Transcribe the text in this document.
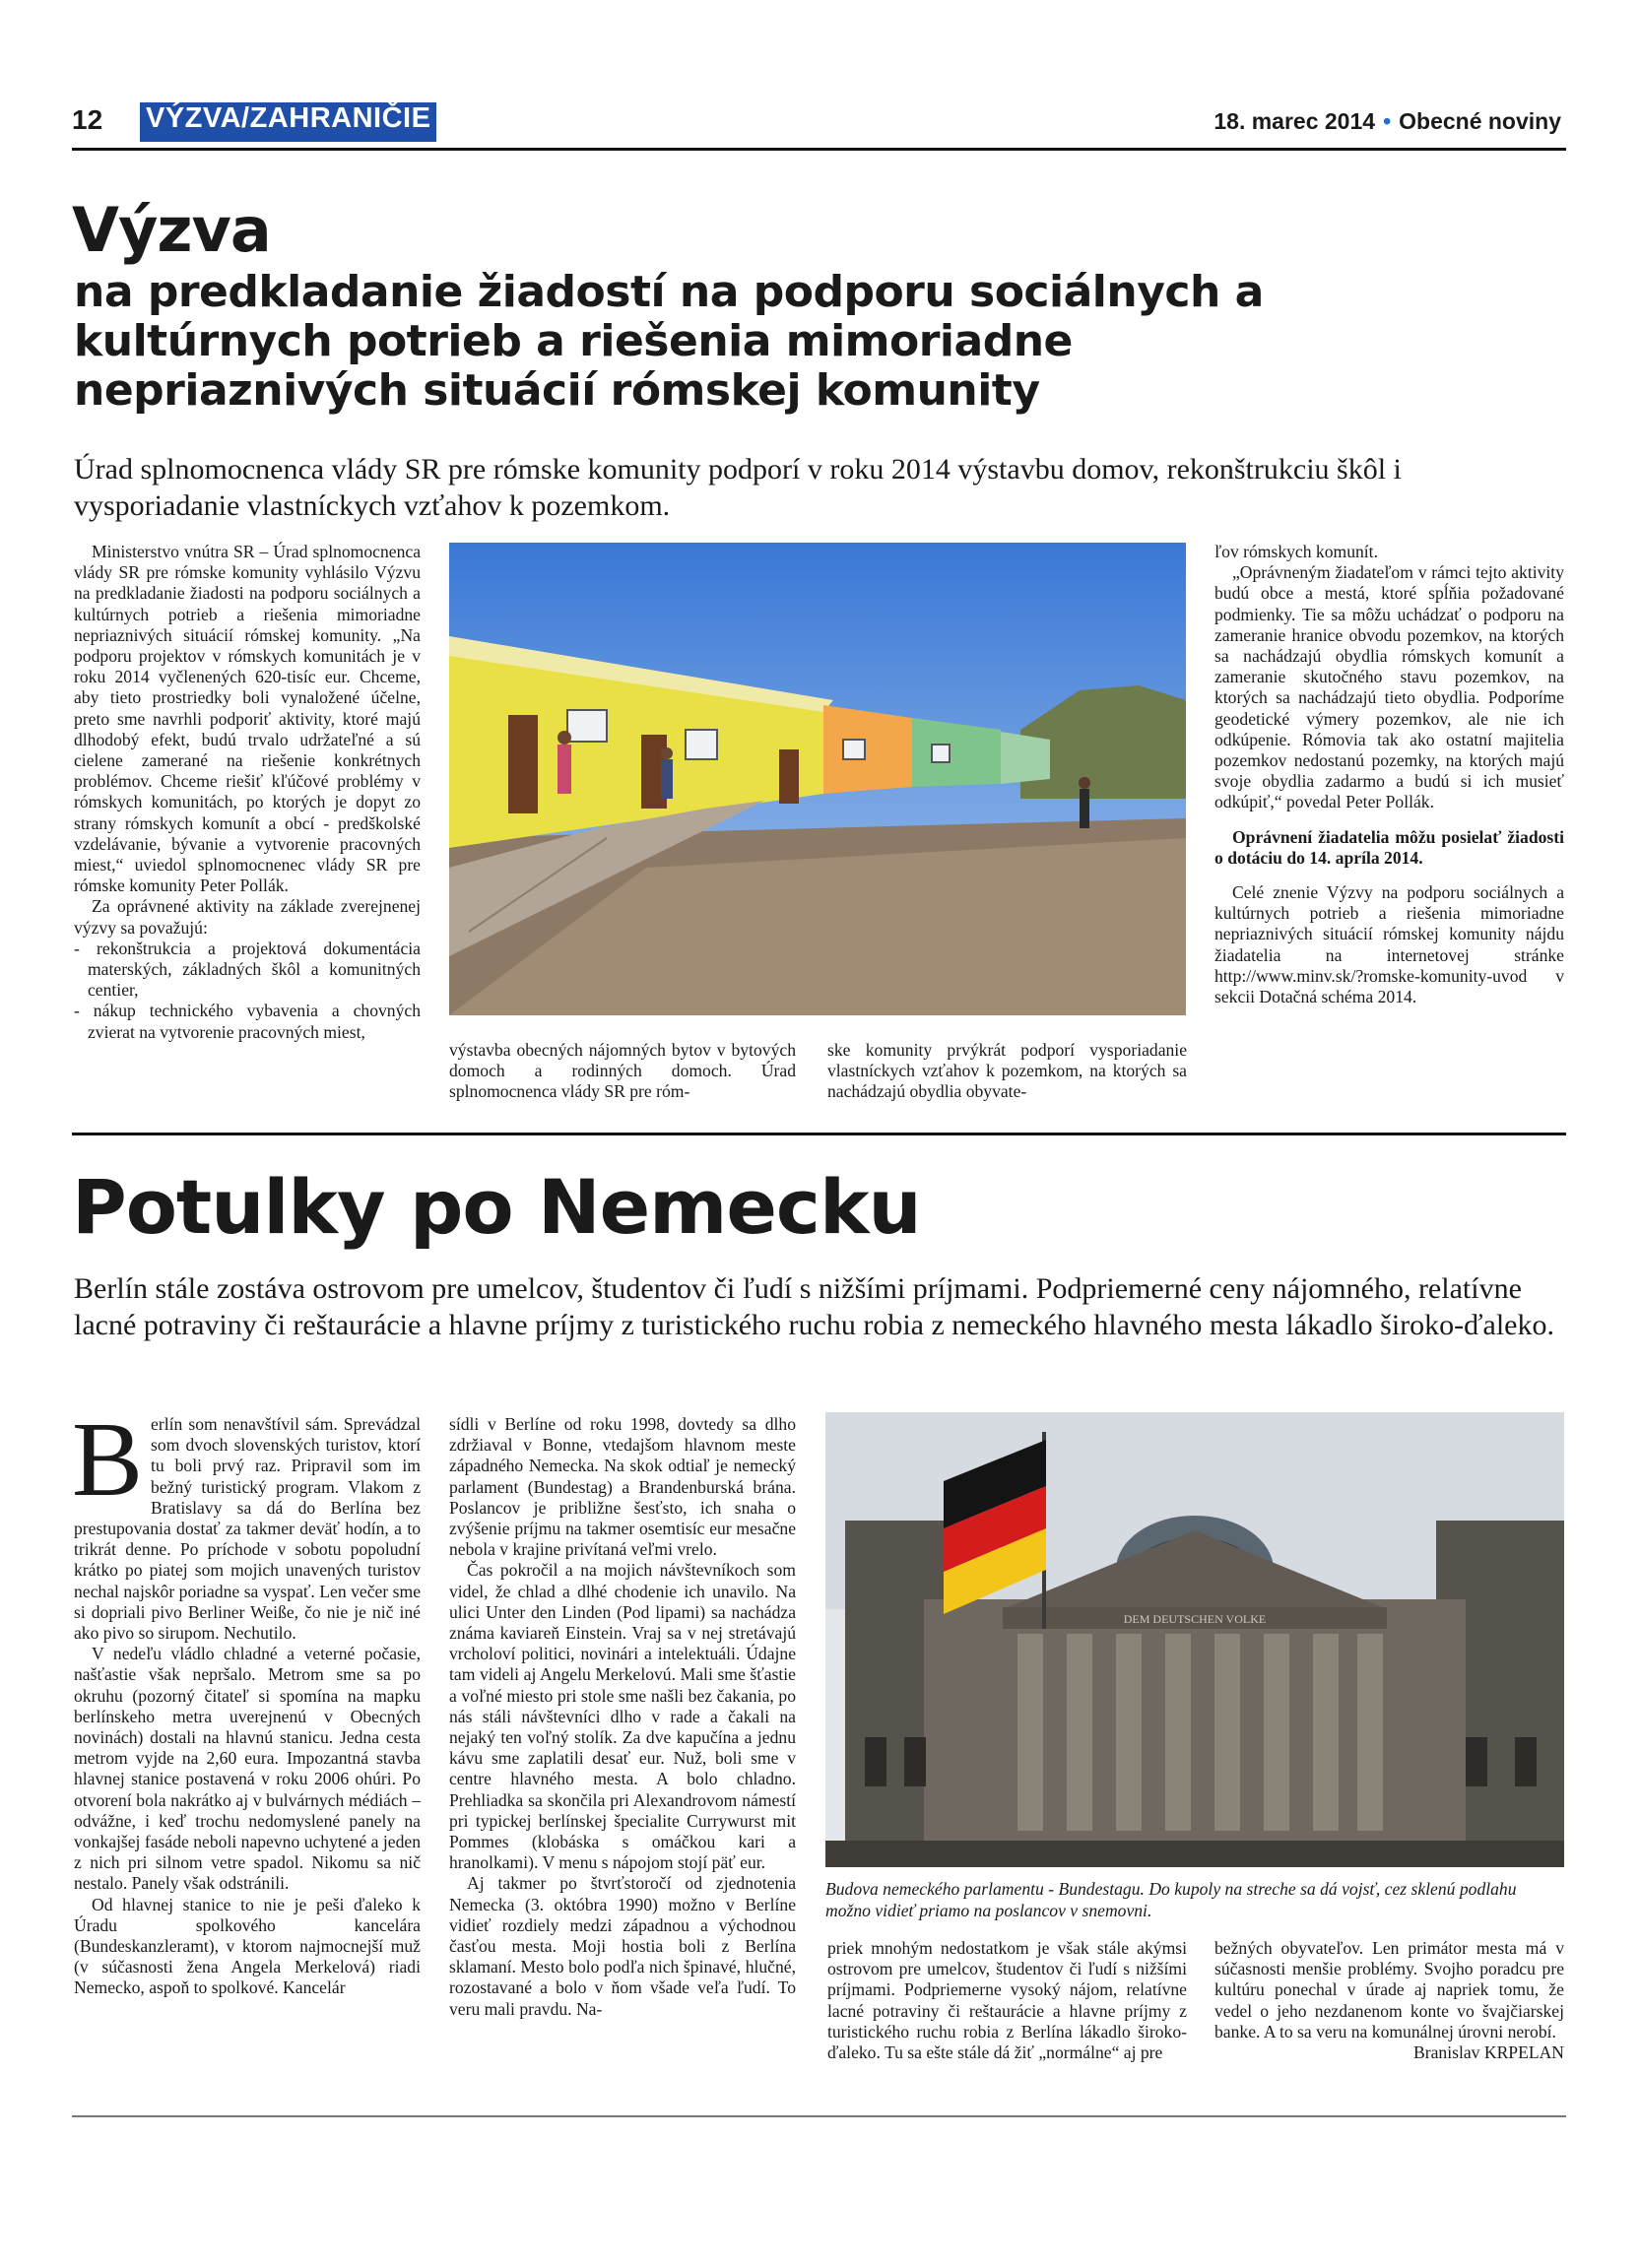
12 VÝZVA/ZAHRANIČIE	18. marec 2014 • Obecné noviny
Výzva
na predkladanie žiadostí na podporu sociálnych a kultúrnych potrieb a riešenia mimoriadne nepriaznivých situácií rómskej komunity
Úrad splnomocnenca vlády SR pre rómske komunity podporí v roku 2014 výstavbu domov, rekonštrukciu škôl i vysporiadanie vlastníckych vzťahov k pozemkom.

Ministerstvo vnútra SR – Úrad splnomocnenca vlády SR pre rómske komunity vyhlásilo Výzvu na predkladanie žiadosti na podporu sociálnych a kultúrnych potrieb a riešenia mimoriadne nepriaznivých situácií rómskej komunity. „Na podporu projektov v rómskych komunitách je v roku 2014 vyčlenených 620-tisíc eur. Chceme, aby tieto prostriedky boli vynaložené účelne, preto sme navrhli podporiť aktivity, ktoré majú dlhodobý efekt, budú trvalo udržateľné a sú cielene zamerané na riešenie konkrétnych problémov. Chceme riešiť kľúčové problémy v rómskych komunitách, po ktorých je dopyt zo strany rómskych komunít a obcí - predškolské vzdelávanie, bývanie a vytvorenie pracovných miest,“ uviedol splnomocnenec vlády SR pre rómske komunity Peter Pollák.

Za oprávnené aktivity na základe zverejnenej výzvy sa považujú:

- rekonštrukcia a projektová dokumentácia materských, základných škôl a komunitných centier,

- nákup technického vybavenia a chovných zvierat na vytvorenie pracovných miest,

výstavba obecných nájomných bytov v bytových domoch a rodinných domoch. Úrad splnomocnenca vlády SR pre róm-

ske komunity prvýkrát podporí vysporiadanie vlastníckych vzťahov k pozemkom, na ktorých sa nachádzajú obydlia obyvate-

ľov rómskych komunít.

„Oprávneným žiadateľom v rámci tejto aktivity budú obce a mestá, ktoré spĺňia požadované podmienky. Tie sa môžu uchádzať o podporu na zameranie hranice obvodu pozemkov, na ktorých sa nachádzajú obydlia rómskych komunít a zameranie skutočného stavu pozemkov, na ktorých sa nachádzajú tieto obydlia. Podporíme geodetické výmery pozemkov, ale nie ich odkúpenie. Rómovia tak ako ostatní majitelia pozemkov nedostanú pozemky, na ktorých majú svoje obydlia zadarmo a budú si ich musieť odkúpiť,“ povedal Peter Pollák.

Oprávnení žiadatelia môžu posielať žiadosti o dotáciu do 14. apríla 2014.

Celé znenie Výzvy na podporu sociálnych a kultúrnych potrieb a riešenia mimoriadne nepriaznivých situácií rómskej komunity nájdu žiadatelia na internetovej stránke http://www.minv.sk/?romske-komunity-uvod v sekcii Dotačná schéma 2014.

Potulky po Nemecku
Berlín stále zostáva ostrovom pre umelcov, študentov či ľudí s nižšími príjmami. Podpriemerné ceny nájomného, relatívne lacné potraviny či reštaurácie a hlavne príjmy z turistického ruchu robia z nemeckého hlavného mesta lákadlo široko-ďaleko.

Berlín som nenavštívil sám. Sprevádzal som dvoch slovenských turistov, ktorí tu boli prvý raz. Pripravil som im bežný turistický program. Vlakom z Bratislavy sa dá do Berlína bez prestupovania dostať za takmer deväť hodín, a to trikrát denne. Po príchode v sobotu popoludní krátko po piatej som mojich unavených turistov nechal najskôr poriadne sa vyspať. Len večer sme si dopriali pivo Berliner Weiße, čo nie je nič iné ako pivo so sirupom. Nechutilo.

V nedeľu vládlo chladné a veterné počasie, našťastie však nepršalo. Metrom sme sa po okruhu (pozorný čitateľ si spomína na mapku berlínskeho metra uverejnenú v Obecných novinách) dostali na hlavnú stanicu. Jedna cesta metrom vyjde na 2,60 eura. Impozantná stavba hlavnej stanice postavená v roku 2006 ohúri. Po otvorení bola nakrátko aj v bulvárnych médiách – odvážne, i keď trochu nedomyslené panely na vonkajšej fasáde neboli napevno uchytené a jeden z nich pri silnom vetre spadol. Nikomu sa nič nestalo. Panely však odstránili.

Od hlavnej stanice to nie je peši ďaleko k Úradu spolkového kancelára (Bundeskanzleramt), v ktorom najmocnejší muž (v súčasnosti žena Angela Merkelová) riadi Nemecko, aspoň to spolkové. Kancelár

sídli v Berlíne od roku 1998, dovtedy sa dlho zdržiaval v Bonne, vtedajšom hlavnom meste západného Nemecka. Na skok odtiaľ je nemecký parlament (Bundestag) a Brandenburská brána. Poslancov je približne šesťsto, ich snaha o zvýšenie príjmu na takmer osemtisíc eur mesačne nebola v krajine privítaná veľmi vrelo.

Čas pokročil a na mojich návštevníkoch som videl, že chlad a dlhé chodenie ich unavilo. Na ulici Unter den Linden (Pod lipami) sa nachádza známa kaviareň Einstein. Vraj sa v nej stretávajú vrcholoví politici, novinári a intelektuáli. Údajne tam videli aj Angelu Merkelovú. Mali sme šťastie a voľné miesto pri stole sme našli bez čakania, po nás stáli návštevníci dlho v rade a čakali na nejaký ten voľný stolík. Za dve kapučína a jednu kávu sme zaplatili desať eur. Nuž, boli sme v centre hlavného mesta. A bolo chladno. Prehliadka sa skončila pri Alexandrovom námestí pri typickej berlínskej špecialite Currywurst mit Pommes (klobáska s omáčkou kari a hranolkami). V menu s nápojom stojí päť eur.

Aj takmer po štvrťstoročí od zjednotenia Nemecka (3. októbra 1990) možno v Berlíne vidieť rozdiely medzi západnou a východnou časťou mesta. Moji hostia boli z Berlína sklamaní. Mesto bolo podľa nich špinavé, hlučné, rozostavané a bolo v ňom všade veľa ľudí. To veru mali pravdu. Na-

DEM DEUTSCHEN VOLKE
Budova nemeckého parlamentu - Bundestagu. Do kupoly na streche sa dá vojsť, cez sklenú podlahu možno vidieť priamo na poslancov v snemovni.

priek mnohým nedostatkom je však stále akýmsi ostrovom pre umelcov, študentov či ľudí s nižšími príjmami. Podpriemerne vysoký nájom, relatívne lacné potraviny či reštaurácie a hlavne príjmy z turistického ruchu robia z Berlína lákadlo široko-ďaleko. Tu sa ešte stále dá žiť „normálne“ aj pre

bežných obyvateľov. Len primátor mesta má v súčasnosti menšie problémy. Svojho poradcu pre kultúru ponechal v úrade aj napriek tomu, že vedel o jeho nezdanenom konte vo švajčiarskej banke. A to sa veru na komunálnej úrovni nerobí.

Branislav KRPELAN
